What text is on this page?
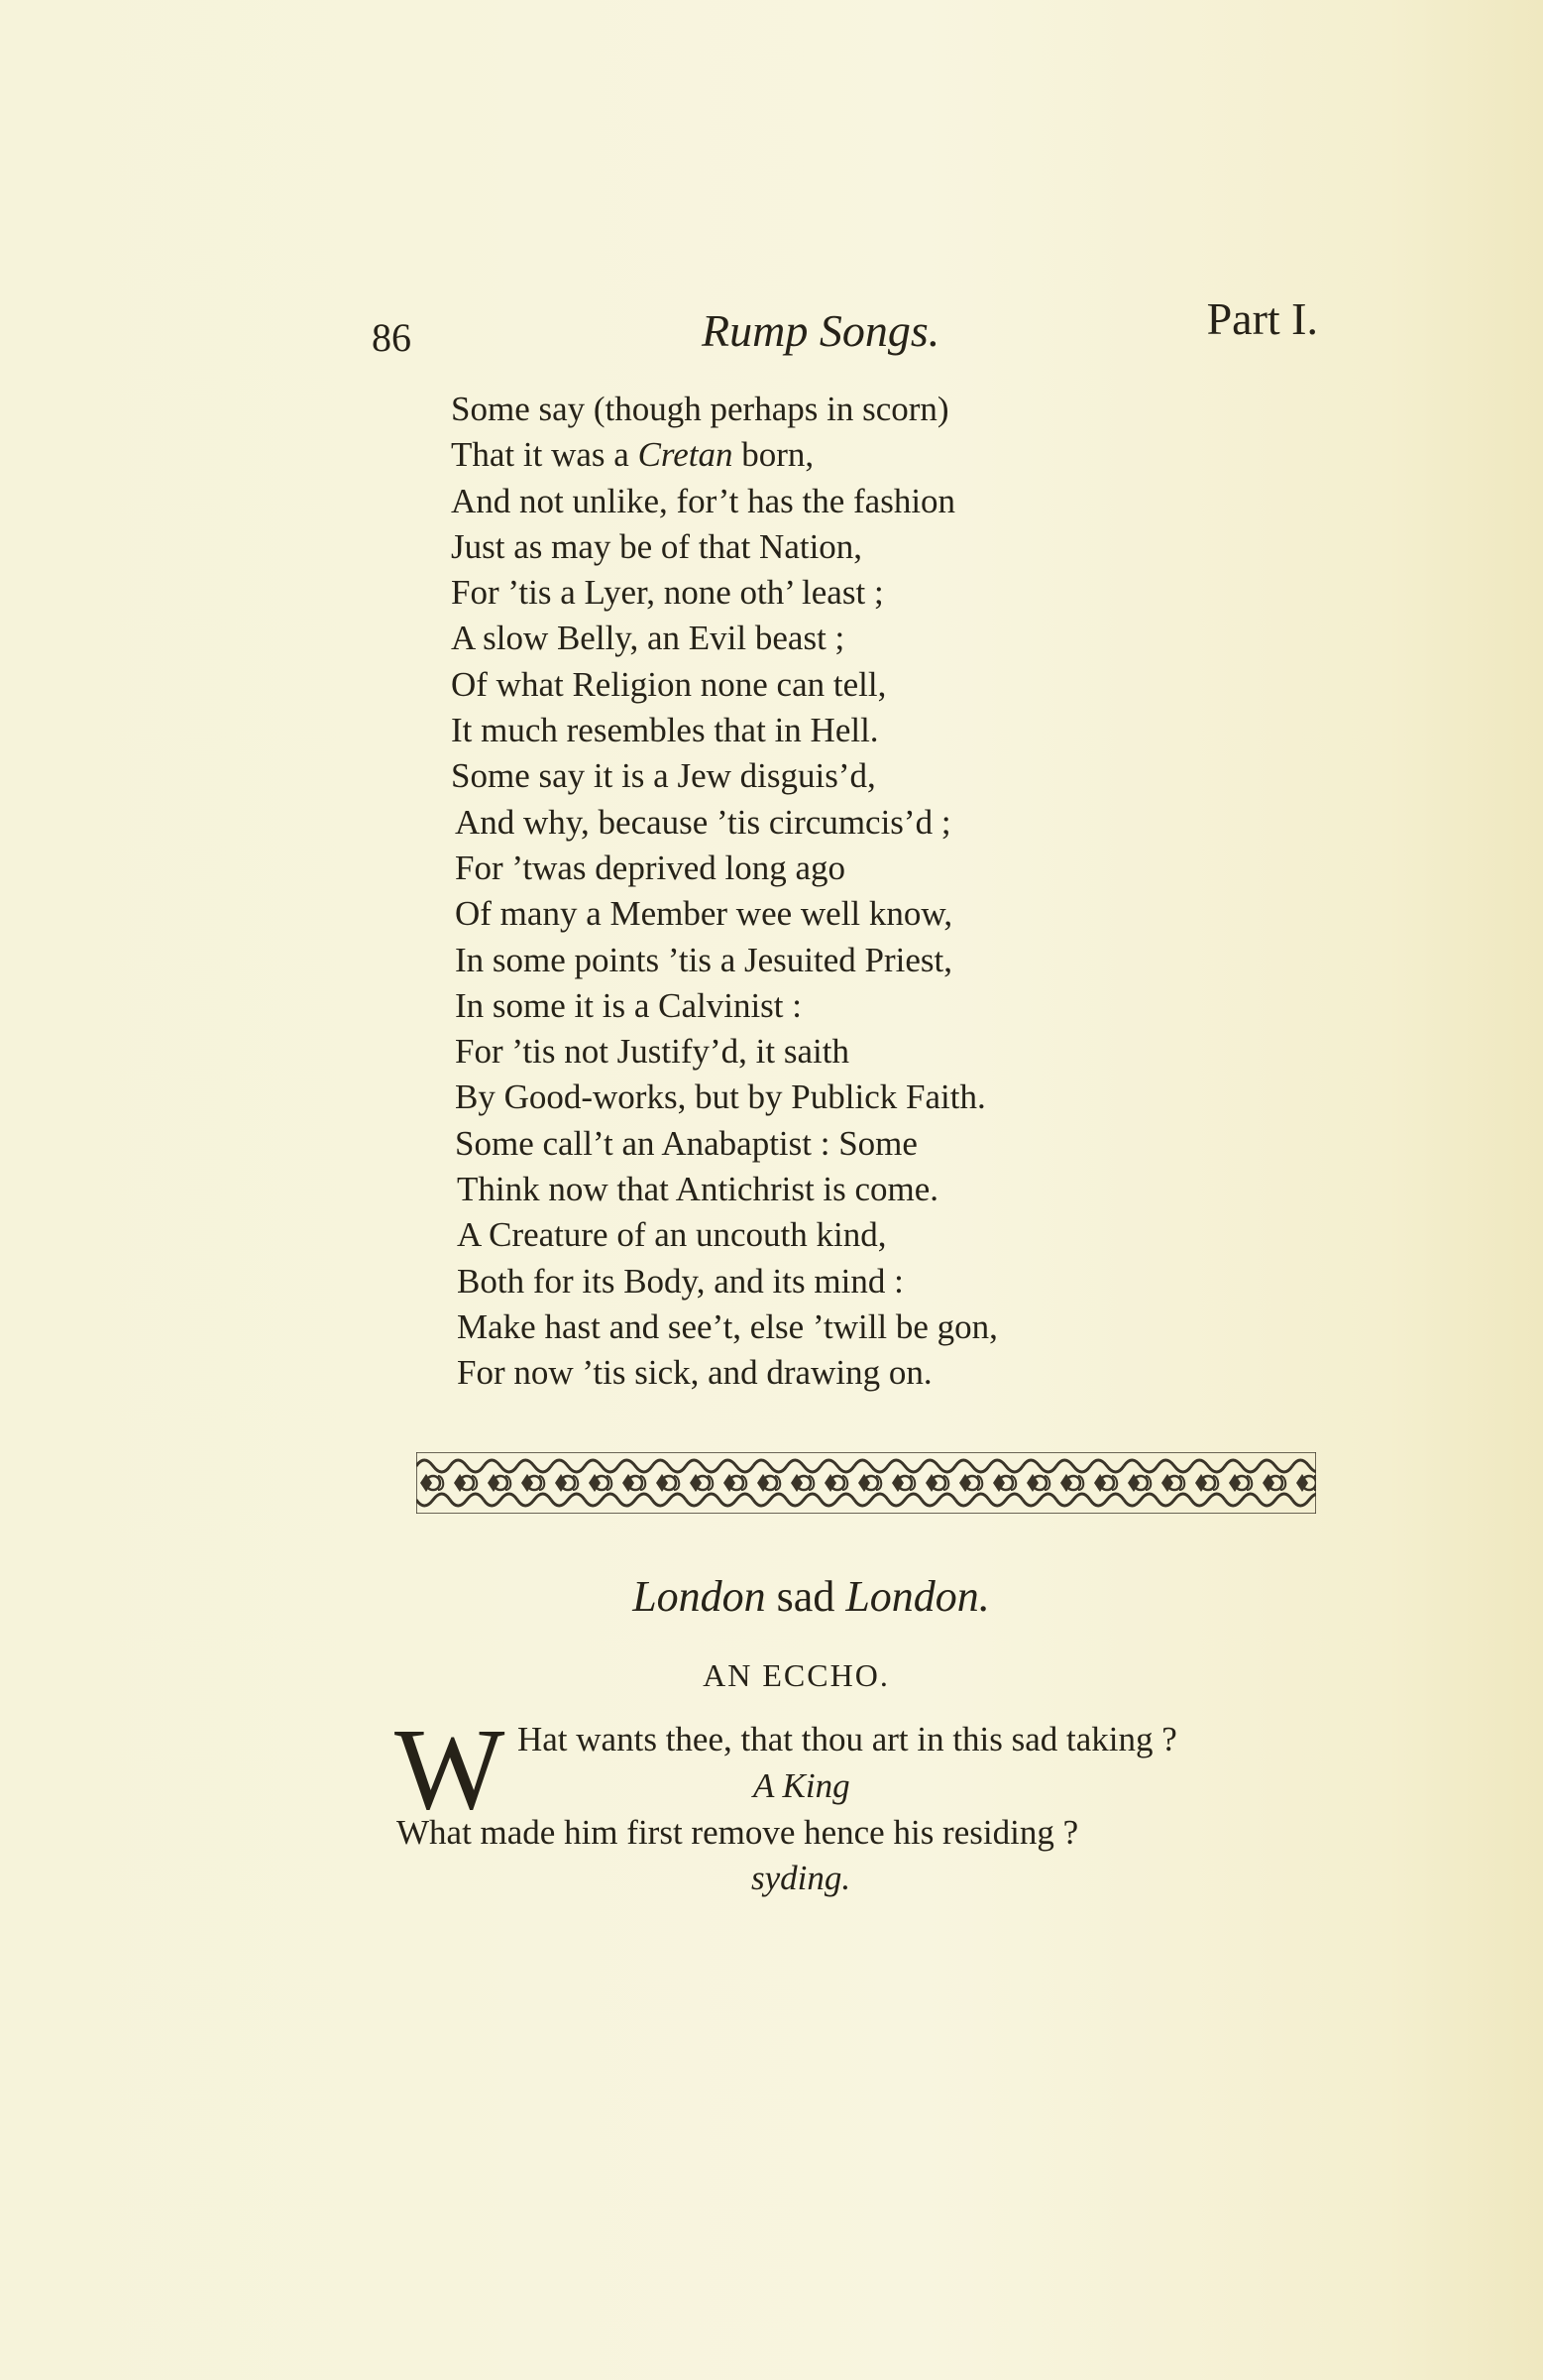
86	Rump Songs.	Part I.
Some say (though perhaps in scorn)
That it was a Cretan born,
And not unlike, for’t has the fashion
Just as may be of that Nation,
For ’tis a Lyer, none oth’ least ;
A slow Belly, an Evil beast ;
Of what Religion none can tell,
It much resembles that in Hell.
Some say it is a Jew disguis’d,
And why, because ’tis circumcis’d ;
For ’twas deprived long ago
Of many a Member wee well know,
In some points ’tis a Jesuited Priest,
In some it is a Calvinist :
For ’tis not Justify’d, it saith
By Good-works, but by Publick Faith.
Some call’t an Anabaptist : Some
Think now that Antichrist is come.
A Creature of an uncouth kind,
Both for its Body, and its mind :
Make hast and see’t, else ’twill be gon,
For now ’tis sick, and drawing on.
London sad London.
AN ECCHO.
W Hat wants thee, that thou art in this sad taking ?
A King
What made him first remove hence his residing ?
syding.
